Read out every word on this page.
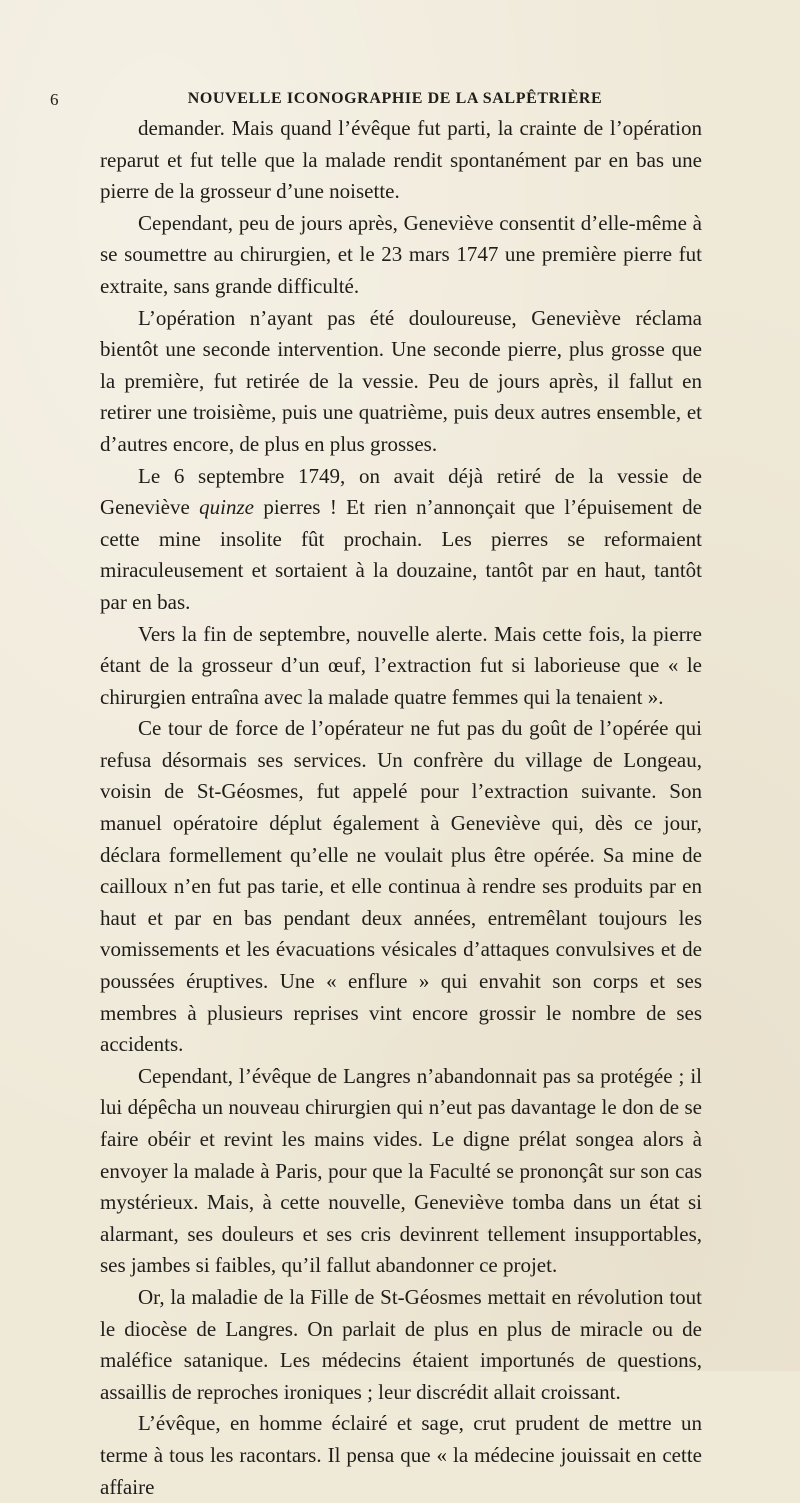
6	NOUVELLE ICONOGRAPHIE DE LA SALPÊTRIÈRE

demander. Mais quand l’évêque fut parti, la crainte de l’opération reparut et fut telle que la malade rendit spontanément par en bas une pierre de la grosseur d’une noisette.

Cependant, peu de jours après, Geneviève consentit d’elle-même à se soumettre au chirurgien, et le 23 mars 1747 une première pierre fut extraite, sans grande difficulté.

L’opération n’ayant pas été douloureuse, Geneviève réclama bientôt une seconde intervention. Une seconde pierre, plus grosse que la première, fut retirée de la vessie. Peu de jours après, il fallut en retirer une troisième, puis une quatrième, puis deux autres ensemble, et d’autres encore, de plus en plus grosses.

Le 6 septembre 1749, on avait déjà retiré de la vessie de Geneviève quinze pierres ! Et rien n’annonçait que l’épuisement de cette mine insolite fût prochain. Les pierres se reformaient miraculeusement et sortaient à la douzaine, tantôt par en haut, tantôt par en bas.

Vers la fin de septembre, nouvelle alerte. Mais cette fois, la pierre étant de la grosseur d’un œuf, l’extraction fut si laborieuse que « le chirurgien entraîna avec la malade quatre femmes qui la tenaient ».

Ce tour de force de l’opérateur ne fut pas du goût de l’opérée qui refusa désormais ses services. Un confrère du village de Longeau, voisin de St-Géosmes, fut appelé pour l’extraction suivante. Son manuel opératoire déplut également à Geneviève qui, dès ce jour, déclara formellement qu’elle ne voulait plus être opérée. Sa mine de cailloux n’en fut pas tarie, et elle continua à rendre ses produits par en haut et par en bas pendant deux années, entremêlant toujours les vomissements et les évacuations vésicales d’attaques convulsives et de poussées éruptives. Une « enflure » qui envahit son corps et ses membres à plusieurs reprises vint encore grossir le nombre de ses accidents.

Cependant, l’évêque de Langres n’abandonnait pas sa protégée ; il lui dépêcha un nouveau chirurgien qui n’eut pas davantage le don de se faire obéir et revint les mains vides. Le digne prélat songea alors à envoyer la malade à Paris, pour que la Faculté se prononçât sur son cas mystérieux. Mais, à cette nouvelle, Geneviève tomba dans un état si alarmant, ses douleurs et ses cris devinrent tellement insupportables, ses jambes si faibles, qu’il fallut abandonner ce projet.

Or, la maladie de la Fille de St-Géosmes mettait en révolution tout le diocèse de Langres. On parlait de plus en plus de miracle ou de maléfice satanique. Les médecins étaient importunés de questions, assaillis de reproches ironiques ; leur discrédit allait croissant.

L’évêque, en homme éclairé et sage, crut prudent de mettre un terme à tous les racontars. Il pensa que « la médecine jouissait en cette affaire
